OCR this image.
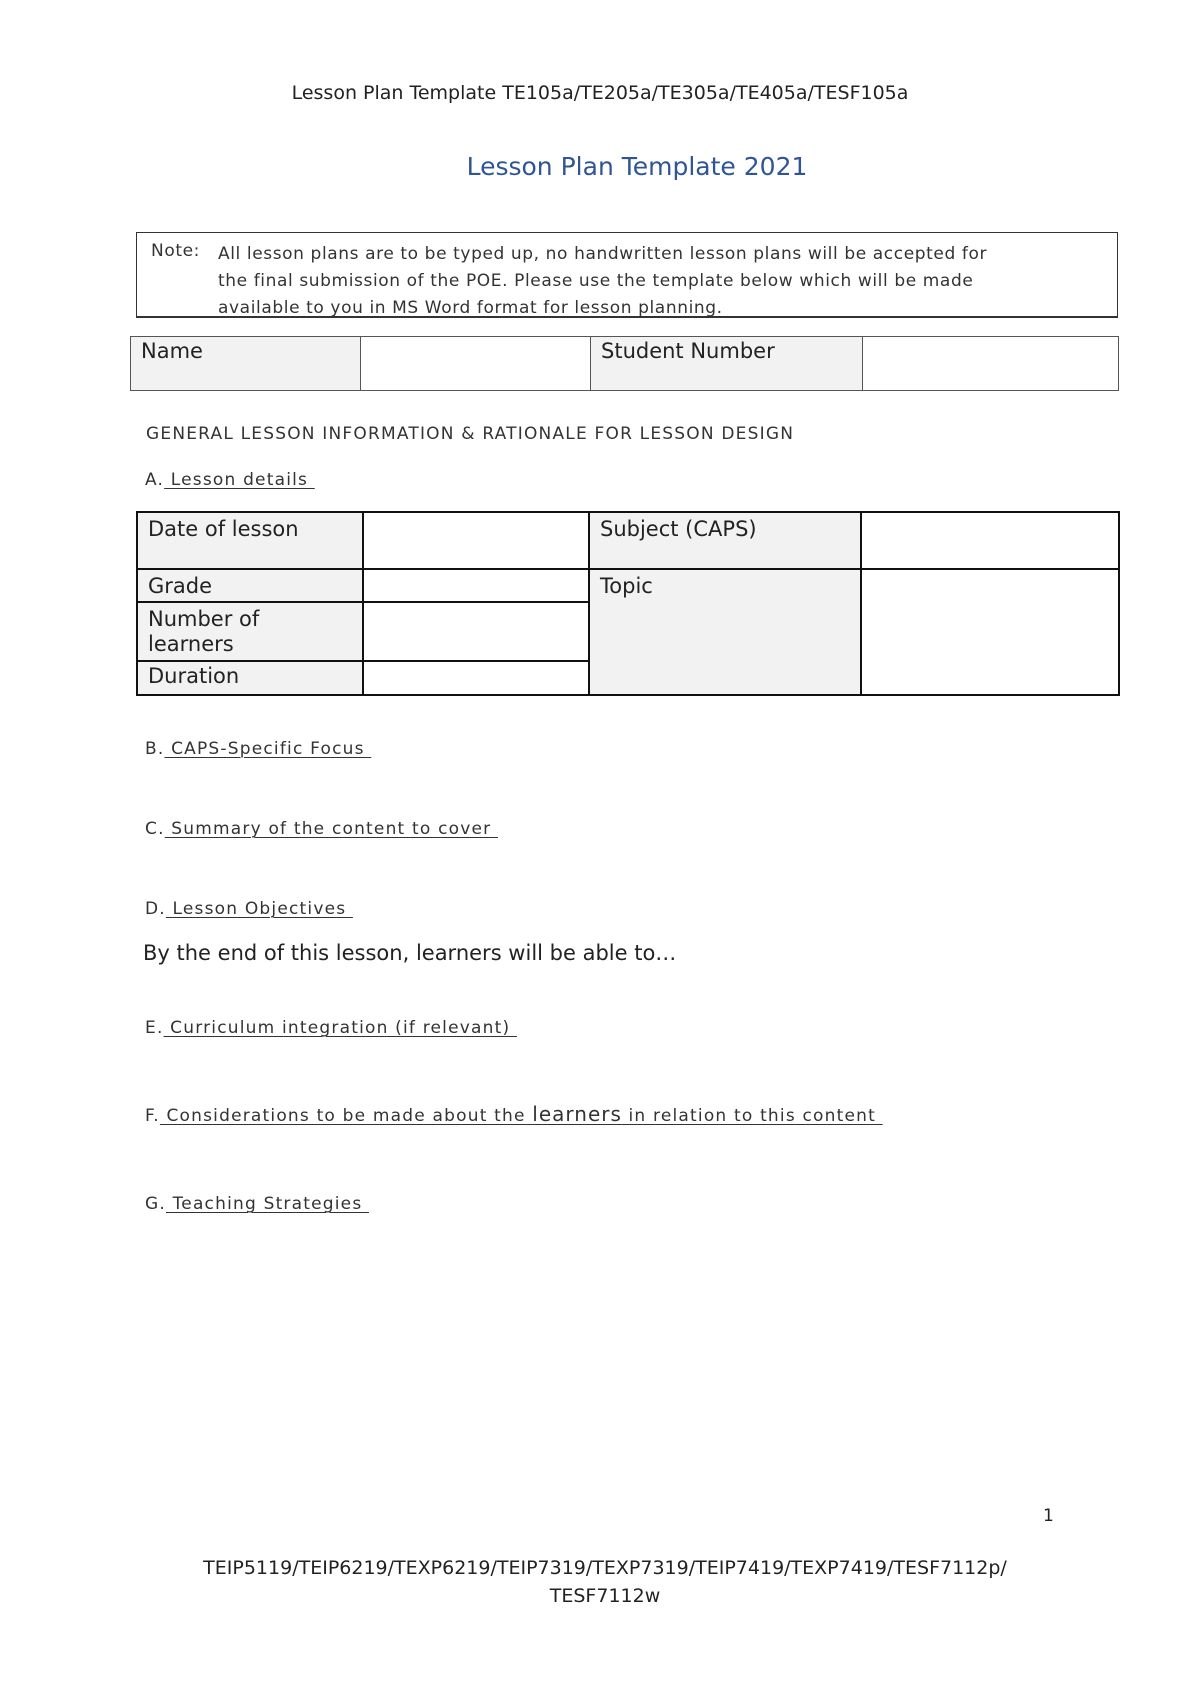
Lesson Plan Template TE105a/TE205a/TE305a/TE405a/TESF105a
Lesson Plan Template 2021
Note: All lesson plans are to be typed up, no handwritten lesson plans will be accepted for
the final submission of the POE. Please use the template below which will be made
available to you in MS Word format for lesson planning.
Name		Student Number

GENERAL LESSON INFORMATION & RATIONALE FOR LESSON DESIGN
A. Lesson details
Date of lesson		Subject (CAPS)	

Grade		Topic	

Number of
learners			

Duration			

B. CAPS-Specific Focus
C. Summary of the content to cover
D. Lesson Objectives
By the end of this lesson, learners will be able to…
E. Curriculum integration (if relevant)
F. Considerations to be made about the learners in relation to this content
G. Teaching Strategies
1
TEIP5119/TEIP6219/TEXP6219/TEIP7319/TEXP7319/TEIP7419/TEXP7419/TESF7112p/
TESF7112w
